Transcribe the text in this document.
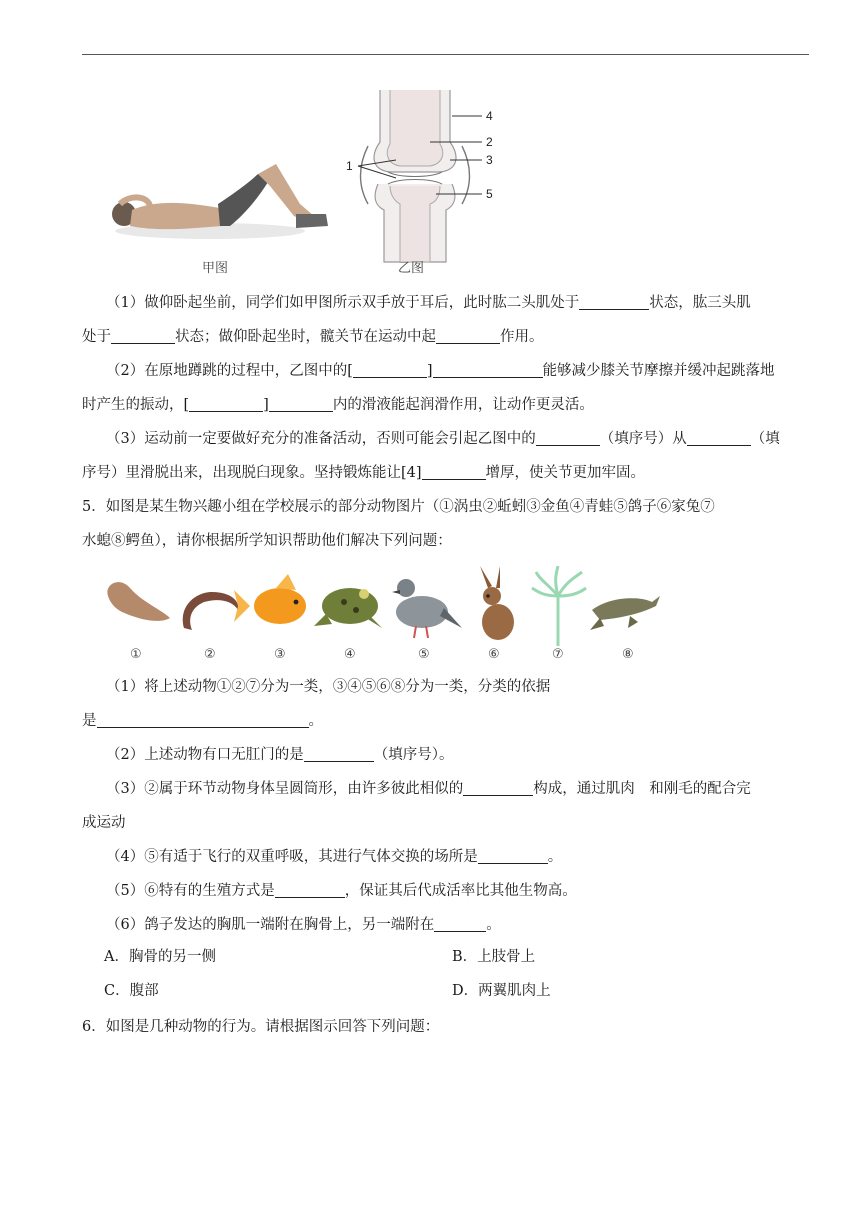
甲图
4
2
3
5
1
乙图
（1）做仰卧起坐前，同学们如甲图所示双手放于耳后，此时肱二头肌处于	状态，肱三头肌
处于	状态；做仰卧起坐时，髋关节在运动中起	作用。
（2）在原地蹲跳的过程中，乙图中的[	]	能够减少膝关节摩擦并缓冲起跳落地
时产生的振动，[	]	内的滑液能起润滑作用，让动作更灵活。
（3）运动前一定要做好充分的准备活动，否则可能会引起乙图中的	（填序号）从	（填
序号）里滑脱出来，出现脱臼现象。坚持锻炼能让[4]	增厚，使关节更加牢固。
5．如图是某生物兴趣小组在学校展示的部分动物图片（①涡虫②蚯蚓③金鱼④青蛙⑤鸽子⑥家兔⑦
水螅⑧鳄鱼），请你根据所学知识帮助他们解决下列问题：
①	②	③	④	⑤	⑥	⑦	⑧
（1）将上述动物①②⑦分为一类，③④⑤⑥⑧分为一类，分类的依据
是	。
（2）上述动物有口无肛门的是	（填序号）。
（3）②属于环节动物身体呈圆筒形，由许多彼此相似的	构成，通过肌肉　和刚毛的配合完
成运动
（4）⑤有适于飞行的双重呼吸，其进行气体交换的场所是	。
（5）⑥特有的生殖方式是	，保证其后代成活率比其他生物高。
（6）鸽子发达的胸肌一端附在胸骨上，另一端附在	。
A．胸骨的另一侧	B．上肢骨上
C．腹部	D．两翼肌肉上
6．如图是几种动物的行为。请根据图示回答下列问题：
